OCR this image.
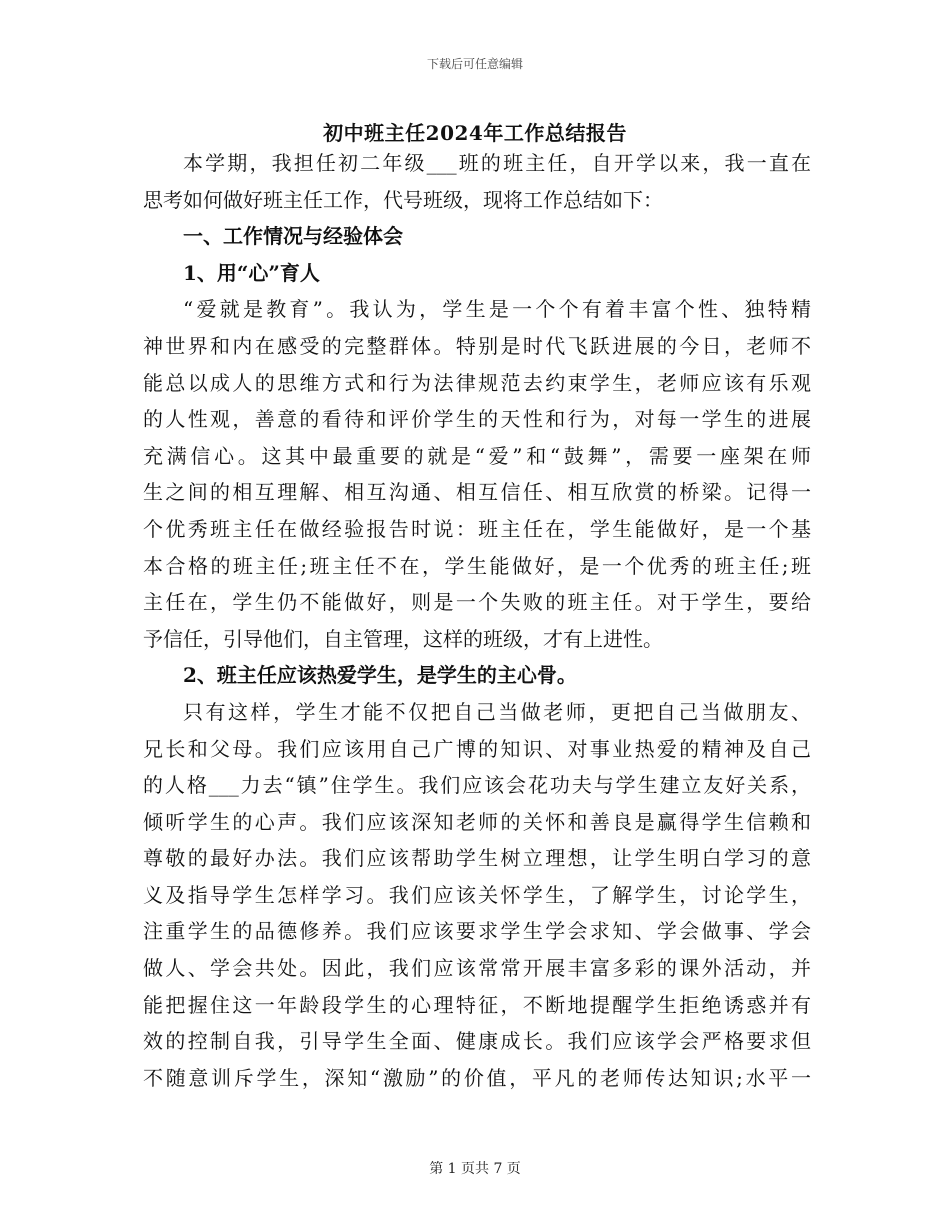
下载后可任意编辑
初中班主任2024年工作总结报告
本学期，我担任初二年级___班的班主任，自开学以来，我一直在
思考如何做好班主任工作，代号班级，现将工作总结如下：
一、工作情况与经验体会
1、用“心”育人
“爱就是教育”。我认为，学生是一个个有着丰富个性、独特精
神世界和内在感受的完整群体。特别是时代飞跃进展的今日，老师不
能总以成人的思维方式和行为法律规范去约束学生，老师应该有乐观
的人性观，善意的看待和评价学生的天性和行为，对每一学生的进展
充满信心。这其中最重要的就是“爱”和“鼓舞”，需要一座架在师
生之间的相互理解、相互沟通、相互信任、相互欣赏的桥梁。记得一
个优秀班主任在做经验报告时说：班主任在，学生能做好，是一个基
本合格的班主任;班主任不在，学生能做好，是一个优秀的班主任;班
主任在，学生仍不能做好，则是一个失败的班主任。对于学生，要给
予信任，引导他们，自主管理，这样的班级，才有上进性。
2、班主任应该热爱学生，是学生的主心骨。
只有这样，学生才能不仅把自己当做老师，更把自己当做朋友、
兄长和父母。我们应该用自己广博的知识、对事业热爱的精神及自己
的人格___力去“镇”住学生。我们应该会花功夫与学生建立友好关系，
倾听学生的心声。我们应该深知老师的关怀和善良是赢得学生信赖和
尊敬的最好办法。我们应该帮助学生树立理想，让学生明白学习的意
义及指导学生怎样学习。我们应该关怀学生，了解学生，讨论学生，
注重学生的品德修养。我们应该要求学生学会求知、学会做事、学会
做人、学会共处。因此，我们应该常常开展丰富多彩的课外活动，并
能把握住这一年龄段学生的心理特征，不断地提醒学生拒绝诱惑并有
效的控制自我，引导学生全面、健康成长。我们应该学会严格要求但
不随意训斥学生，深知“激励”的价值，平凡的老师传达知识;水平一
第 1 页共 7 页
